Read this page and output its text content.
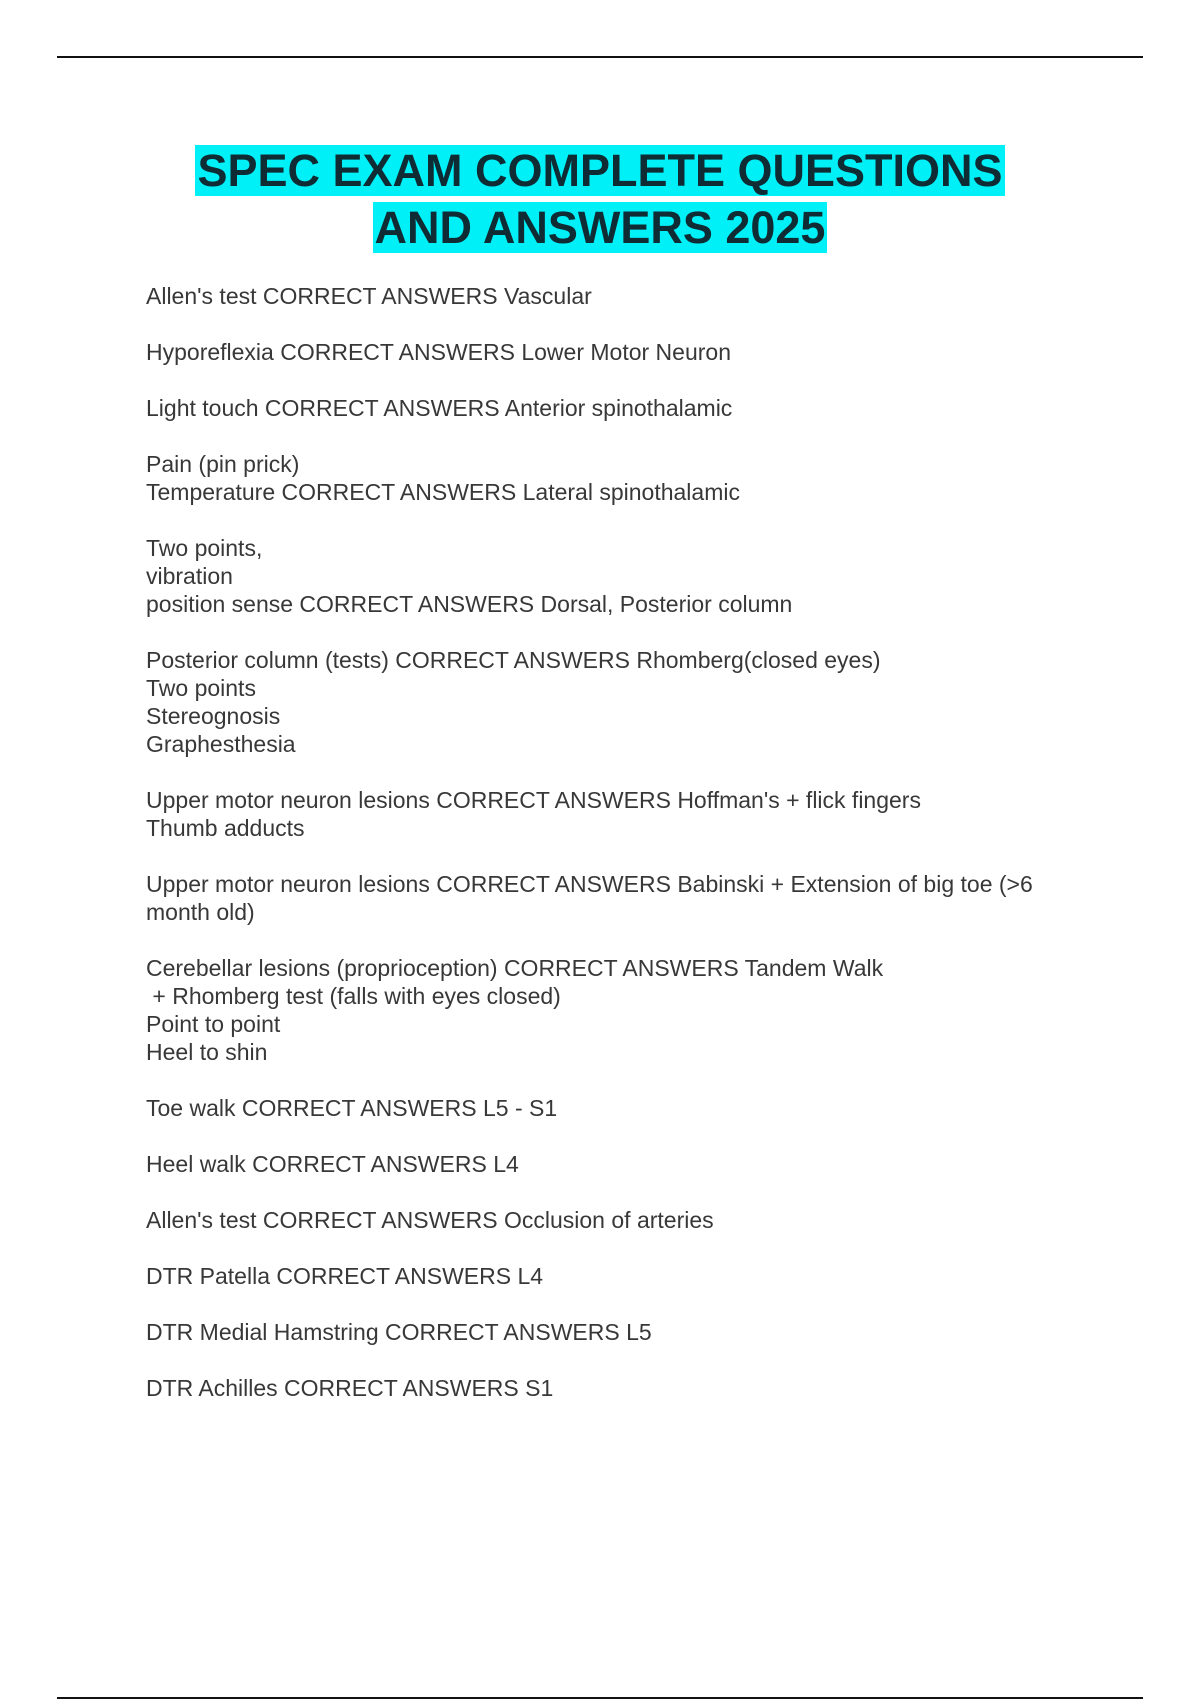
SPEC EXAM COMPLETE QUESTIONS
AND ANSWERS 2025

Allen's test CORRECT ANSWERS Vascular

Hyporeflexia CORRECT ANSWERS Lower Motor Neuron

Light touch CORRECT ANSWERS Anterior spinothalamic

Pain (pin prick)
Temperature CORRECT ANSWERS Lateral spinothalamic

Two points,
vibration
position sense CORRECT ANSWERS Dorsal, Posterior column

Posterior column (tests) CORRECT ANSWERS Rhomberg(closed eyes)
Two points
Stereognosis
Graphesthesia

Upper motor neuron lesions CORRECT ANSWERS Hoffman's + flick fingers
Thumb adducts

Upper motor neuron lesions CORRECT ANSWERS Babinski + Extension of big toe (>6
month old)

Cerebellar lesions (proprioception) CORRECT ANSWERS Tandem Walk
+ Rhomberg test (falls with eyes closed)
Point to point
Heel to shin

Toe walk CORRECT ANSWERS L5 - S1

Heel walk CORRECT ANSWERS L4

Allen's test CORRECT ANSWERS Occlusion of arteries

DTR Patella CORRECT ANSWERS L4

DTR Medial Hamstring CORRECT ANSWERS L5

DTR Achilles CORRECT ANSWERS S1
